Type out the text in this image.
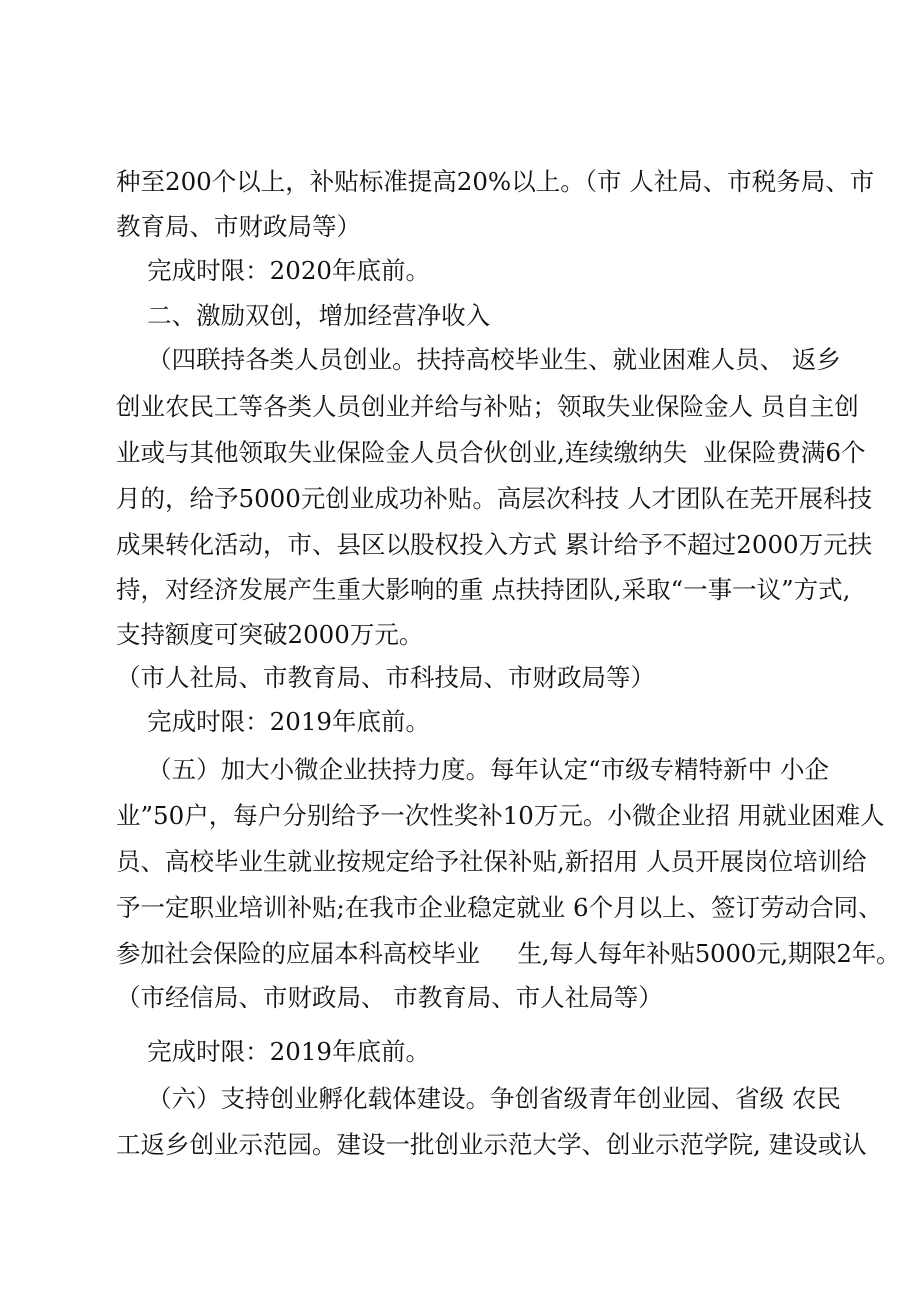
种至200个以上，补贴标准提高20%以上。（市 人社局、市税务局、市
教育局、市财政局等）
完成时限：2020年底前。
二、激励双创，增加经营净收入
（四联持各类人员创业。扶持高校毕业生、就业困难人员、 返乡
创业农民工等各类人员创业并给与补贴；领取失业保险金人 员自主创
业或与其他领取失业保险金人员合伙创业,连续缴纳失  业保险费满6个
月的，给予5000元创业成功补贴。高层次科技 人才团队在芜开展科技
成果转化活动，市、县区以股权投入方式 累计给予不超过2000万元扶
持，对经济发展产生重大影响的重 点扶持团队,采取“一事一议”方式,
支持额度可突破2000万元。
（市人社局、市教育局、市科技局、市财政局等）
完成时限：2019年底前。
（五）加大小微企业扶持力度。每年认定“市级专精特新中 小企
业”50户，每户分别给予一次性奖补10万元。小微企业招 用就业困难人
员、高校毕业生就业按规定给予社保补贴,新招用 人员开展岗位培训给
予一定职业培训补贴;在我市企业稳定就业 6个月以上、签订劳动合同、
参加社会保险的应届本科高校毕业     生,每人每年补贴5000元,期限2年。
（市经信局、市财政局、 市教育局、市人社局等）
完成时限：2019年底前。
（六）支持创业孵化载体建设。争创省级青年创业园、省级 农民
工返乡创业示范园。建设一批创业示范大学、创业示范学院, 建设或认
